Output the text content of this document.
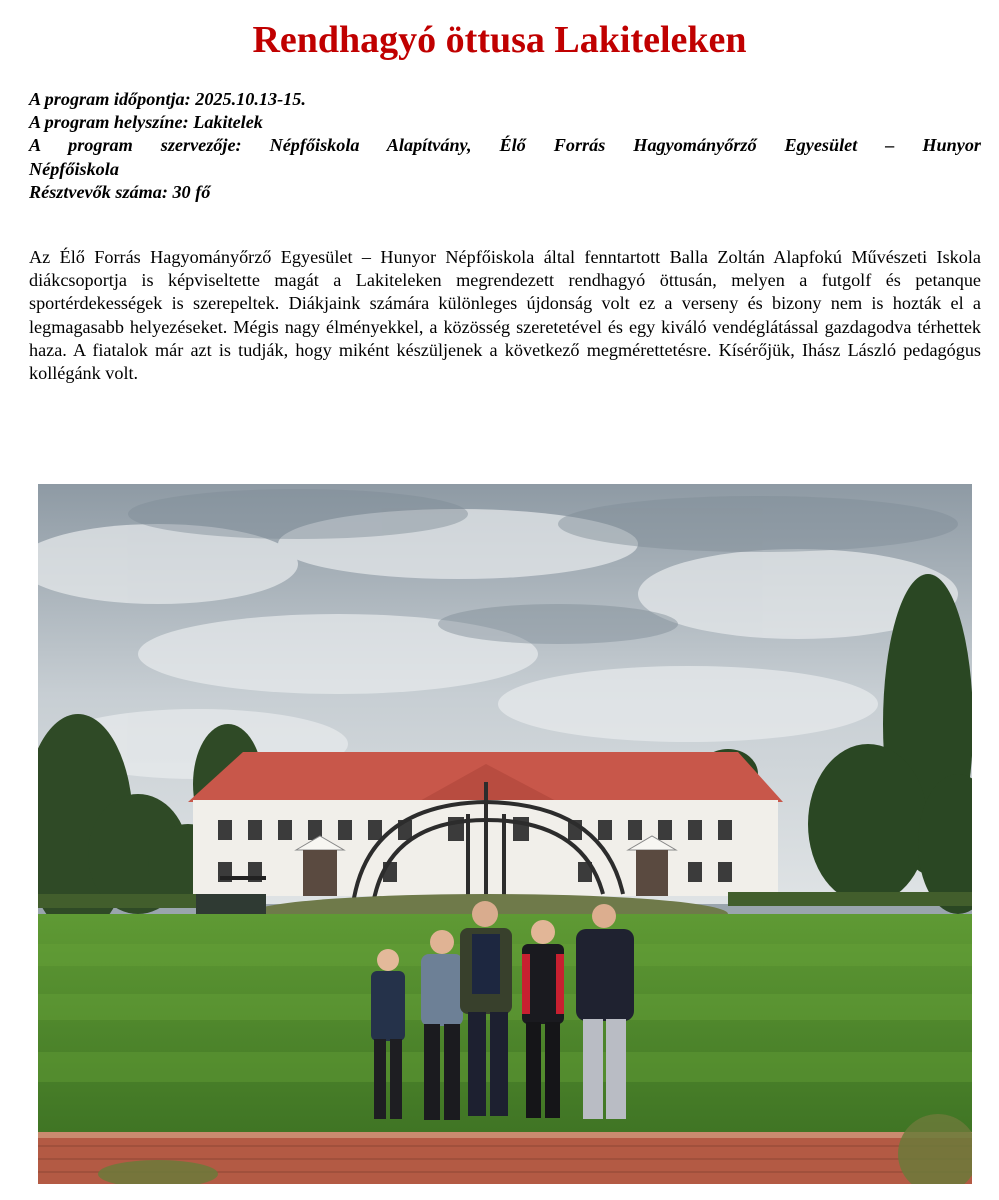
Rendhagyó öttusa Lakiteleken
A program időpontja: 2025.10.13-15.
A program helyszíne: Lakitelek
A program szervezője: Népfőiskola Alapítvány, Élő Forrás Hagyományőrző Egyesület – Hunyor
Népfőiskola
Résztvevők száma: 30 fő

Az Élő Forrás Hagyományőrző Egyesület – Hunyor Népfőiskola által fenntartott Balla Zoltán Alapfokú Művészeti Iskola diákcsoportja is képviseltette magát a Lakiteleken megrendezett rendhagyó öttusán, melyen a futgolf és petanque sportérdekességek is szerepeltek. Diákjaink számára különleges újdonság volt ez a verseny és bizony nem is hozták el a legmagasabb helyezéseket. Mégis nagy élményekkel, a közösség szeretetével és egy kiváló vendéglátással gazdagodva térhettek haza. A fiatalok már azt is tudják, hogy miként készüljenek a következő megmérettetésre. Kísérőjük, Ihász László pedagógus kollégánk volt.
